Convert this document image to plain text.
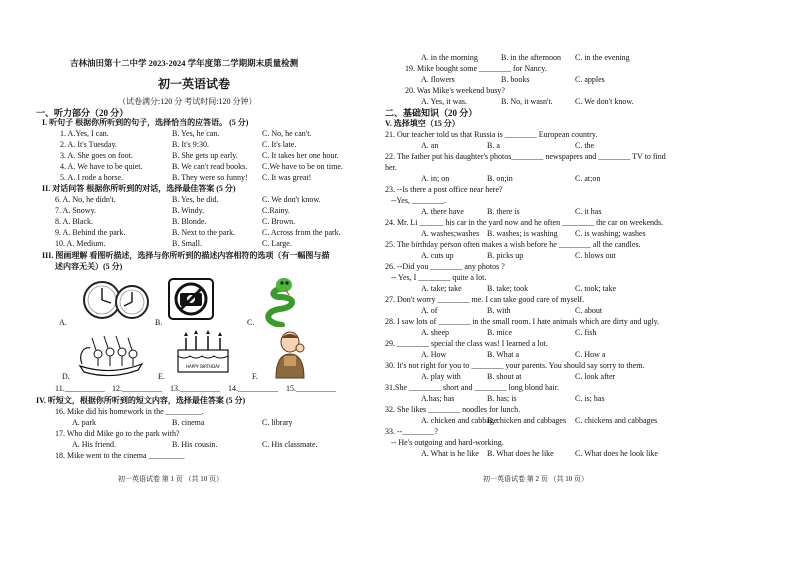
吉林油田第十二中学 2023-2024 学年度第二学期期末质量检测
初一英语试卷
（试卷满分:120 分 考试时间:120 分钟）
一、听力部分（20 分）
I. 听句子 根据你所听到的句子，选择恰当的应答语。 (5 分)
1. A.Yes, I can.	B. Yes, he can.	C. No, he can't.
2. A. It's Tuesday.	B. It's 9:30.	C. It's late.
3. A. She goes on foot.	B. She gets up early.	C. It takes her one hour.
4. A. We have to be quiet.	B. We can't read books. C.We have to be on time.
5. A. I rode a horse.	B. They were so funny! C. It was great!
II. 对话问答 根据你所听到的对话，选择最佳答案 (5 分)
6. A. No, he didn't.	B. Yes, he did.	C. We don't know.
7. A. Snowy.	B. Windy.	C.Rainy.
8. A. Black.	B. Blonde.	C. Brown.
9. A. Behind the park.	B. Next to the park.	C. Across from the park.
10. A. Medium.	B. Small.	C. Large.
III. 图画理解 看图听描述，选择与你所听到的描述内容相符的选项（有一幅图与描
述内容无关）(5 分)
A.	B.	C.
D.	E.
HAPPY BIRTHDAY
F.
11.__________ 12.__________ 13.__________ 14.__________ 15.__________
IV. 听短文，根据你所听到的短文内容，选择最佳答案 (5 分)
16. Mike did his homework in the _________.
A. park	B. cinema	C. library
17. Who did Mike go to the park with?
A. His friend.	B. His cousin.	C. His classmate.
18. Mike went to the cinema _________
初一英语试卷 第 1 页 （共 10 页）
A. in the morning	B. in the afternoon C. in the evening
19. Mike bought some ________ for Nancy.
A. flowers	B. books	C. apples
20. Was Mike's weekend busy?
A. Yes, it was.	B. No, it wasn't.	C. We don't know.
二、基础知识（20 分）
V. 选择填空（15 分）
21. Our teacher told us that Russia is ________ European country.
A. an	B. a	C. the
22. The father put his daughter's photos________ newspapers and ________ TV to find
her.
A. in; on	B. on;in	C. at;on
23. --Is there a post office near here?
--Yes, ________.
A. there have	B. there is	C. it has
24. Mr. Li ______ his car in the yard now and he often ________ the car on weekends.
A. washes;washes B. washes; is washing C. is washing; washes
25. The birthday person often makes a wish before he ________ all the candles.
A. cuts up	B. picks up	C. blows out
26. --Did you ________ any photos ?
-- Yes, I ________ quite a lot.
A. take; take	B. take; took	C. took; take
27. Don't worry ________ me. I can take good care of myself.
A. of	B. with	C. about
28. I saw lots of ________ in the small room. I hate animals which are dirty and ugly.
A. sheep	B. mice	C. fish
29. ________ special the class was! I learned a lot.
A. How	B. What a	C. How a
30. It's not right for you to ________ your parents. You should say sorry to them.
A. play with	B. shout at	C. look after
31.She ________ short and ________ long blond hair.
A.has; has	B. has; is	C. is; has
32. She likes ________ noodles for lunch.
A. chicken and cabbage
B. chicken and cabbages C. chickens and cabbages
33. --________?
-- He's outgoing and hard-working.
A. What is he like B. What does he like	C. What does he look like
初一英语试卷 第 2 页 （共 10 页）
